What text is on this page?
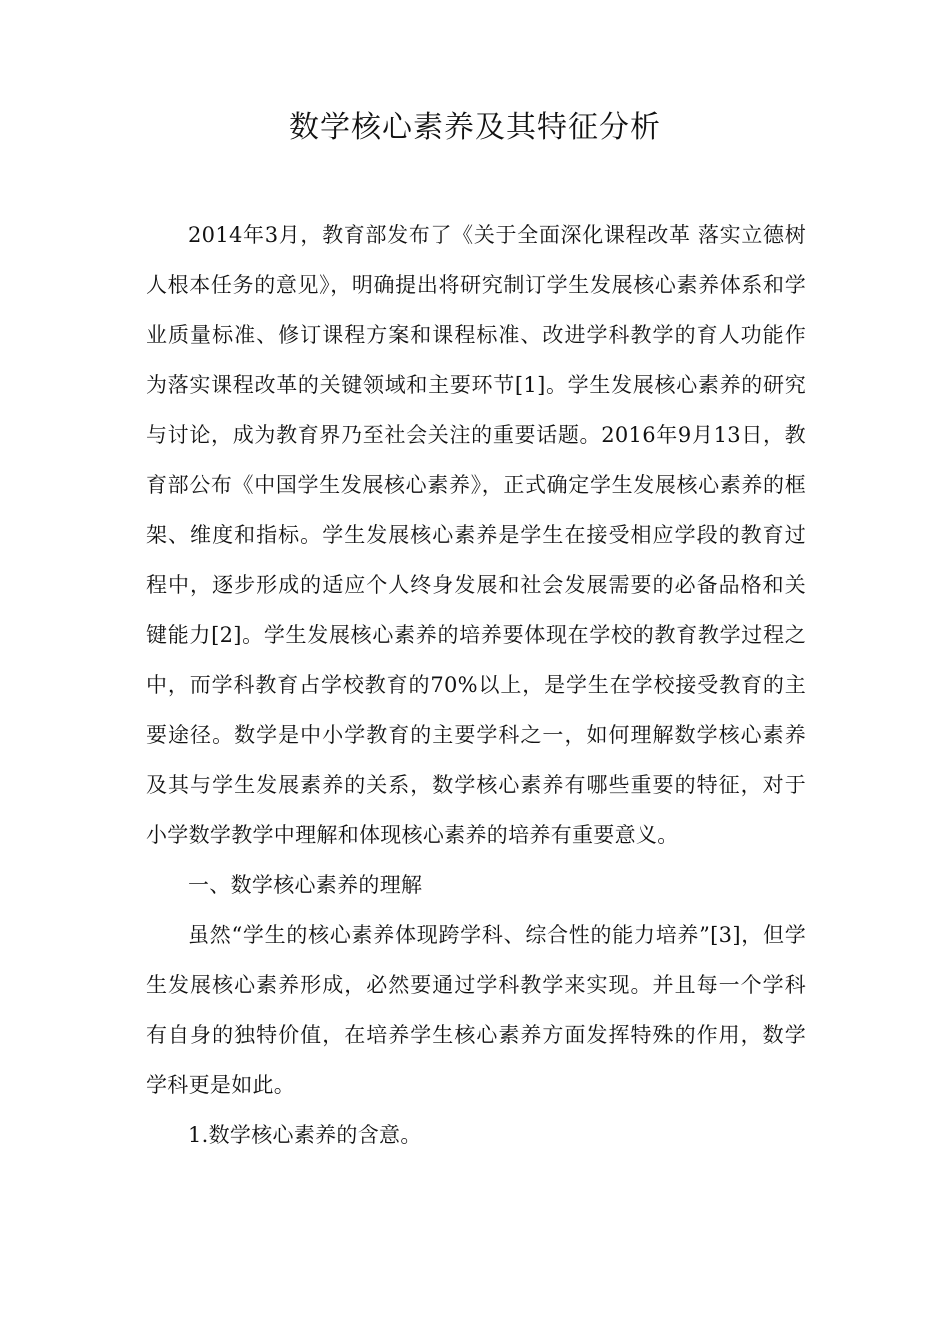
数学核心素养及其特征分析

2014年3月，教育部发布了《关于全面深化课程改革 落实立德树人根本任务的意见》，明确提出将研究制订学生发展核心素养体系和学业质量标准、修订课程方案和课程标准、改进学科教学的育人功能作为落实课程改革的关键领域和主要环节[1]。学生发展核心素养的研究与讨论，成为教育界乃至社会关注的重要话题。2016年9月13日，教育部公布《中国学生发展核心素养》，正式确定学生发展核心素养的框架、维度和指标。学生发展核心素养是学生在接受相应学段的教育过程中，逐步形成的适应个人终身发展和社会发展需要的必备品格和关键能力[2]。学生发展核心素养的培养要体现在学校的教育教学过程之中，而学科教育占学校教育的70%以上，是学生在学校接受教育的主要途径。数学是中小学教育的主要学科之一，如何理解数学核心素养及其与学生发展素养的关系，数学核心素养有哪些重要的特征，对于小学数学教学中理解和体现核心素养的培养有重要意义。

一、数学核心素养的理解

虽然“学生的核心素养体现跨学科、综合性的能力培养”[3]，但学生发展核心素养形成，必然要通过学科教学来实现。并且每一个学科有自身的独特价值，在培养学生核心素养方面发挥特殊的作用，数学学科更是如此。

1.数学核心素养的含意。
